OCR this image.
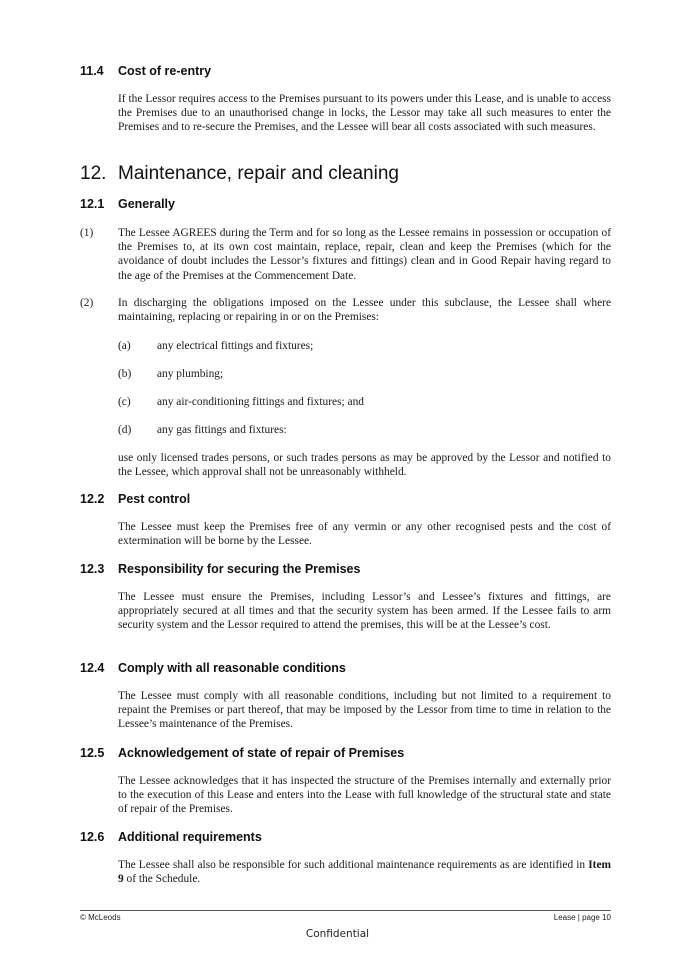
11.4 Cost of re-entry
If the Lessor requires access to the Premises pursuant to its powers under this Lease, and is unable to access the Premises due to an unauthorised change in locks, the Lessor may take all such measures to enter the Premises and to re-secure the Premises, and the Lessee will bear all costs associated with such measures.
12. Maintenance, repair and cleaning
12.1 Generally
(1) The Lessee AGREES during the Term and for so long as the Lessee remains in possession or occupation of the Premises to, at its own cost maintain, replace, repair, clean and keep the Premises (which for the avoidance of doubt includes the Lessor’s fixtures and fittings) clean and in Good Repair having regard to the age of the Premises at the Commencement Date.
(2) In discharging the obligations imposed on the Lessee under this subclause, the Lessee shall where maintaining, replacing or repairing in or on the Premises:
(a) any electrical fittings and fixtures;
(b) any plumbing;
(c) any air-conditioning fittings and fixtures; and
(d) any gas fittings and fixtures:
use only licensed trades persons, or such trades persons as may be approved by the Lessor and notified to the Lessee, which approval shall not be unreasonably withheld.
12.2 Pest control
The Lessee must keep the Premises free of any vermin or any other recognised pests and the cost of extermination will be borne by the Lessee.
12.3 Responsibility for securing the Premises
The Lessee must ensure the Premises, including Lessor’s and Lessee’s fixtures and fittings, are appropriately secured at all times and that the security system has been armed. If the Lessee fails to arm security system and the Lessor required to attend the premises, this will be at the Lessee’s cost.
12.4 Comply with all reasonable conditions
The Lessee must comply with all reasonable conditions, including but not limited to a requirement to repaint the Premises or part thereof, that may be imposed by the Lessor from time to time in relation to the Lessee’s maintenance of the Premises.
12.5 Acknowledgement of state of repair of Premises
The Lessee acknowledges that it has inspected the structure of the Premises internally and externally prior to the execution of this Lease and enters into the Lease with full knowledge of the structural state and state of repair of the Premises.
12.6 Additional requirements
The Lessee shall also be responsible for such additional maintenance requirements as are identified in Item 9 of the Schedule.
© McLeods	Lease | page 10
Confidential
